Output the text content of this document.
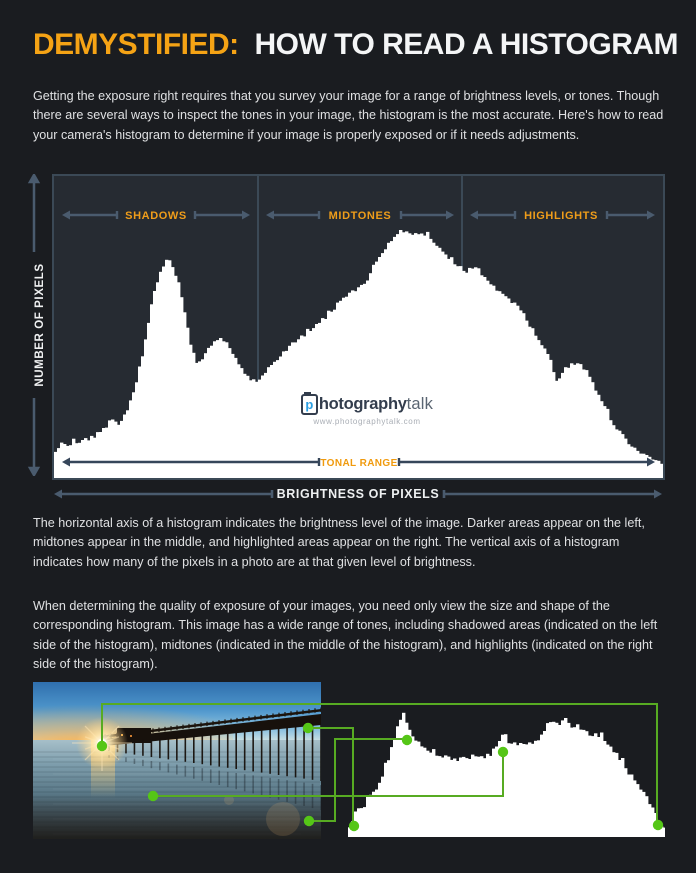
DEMYSTIFIED: HOW TO READ A HISTOGRAM
Getting the exposure right requires that you survey your image for a range of brightness levels, or tones. Though there are several ways to inspect the tones in your image, the histogram is the most accurate. Here's how to read your camera's histogram to determine if your image is properly exposed or if it needs adjustments.
NUMBER OF PIXELS
SHADOWS	MIDTONES	HIGHLIGHTS
TONAL RANGE
p hotography talk
www.photographytalk.com
BRIGHTNESS OF PIXELS
The horizontal axis of a histogram indicates the brightness level of the image. Darker areas appear on the left, midtones appear in the middle, and highlighted areas appear on the right. The vertical axis of a histogram indicates how many of the pixels in a photo are at that given level of brightness.
When determining the quality of exposure of your images, you need only view the size and shape of the corresponding histogram. This image has a wide range of tones, including shadowed areas (indicated on the left side of the histogram), midtones (indicated in the middle of the histogram), and highlights (indicated on the right side of the histogram).
